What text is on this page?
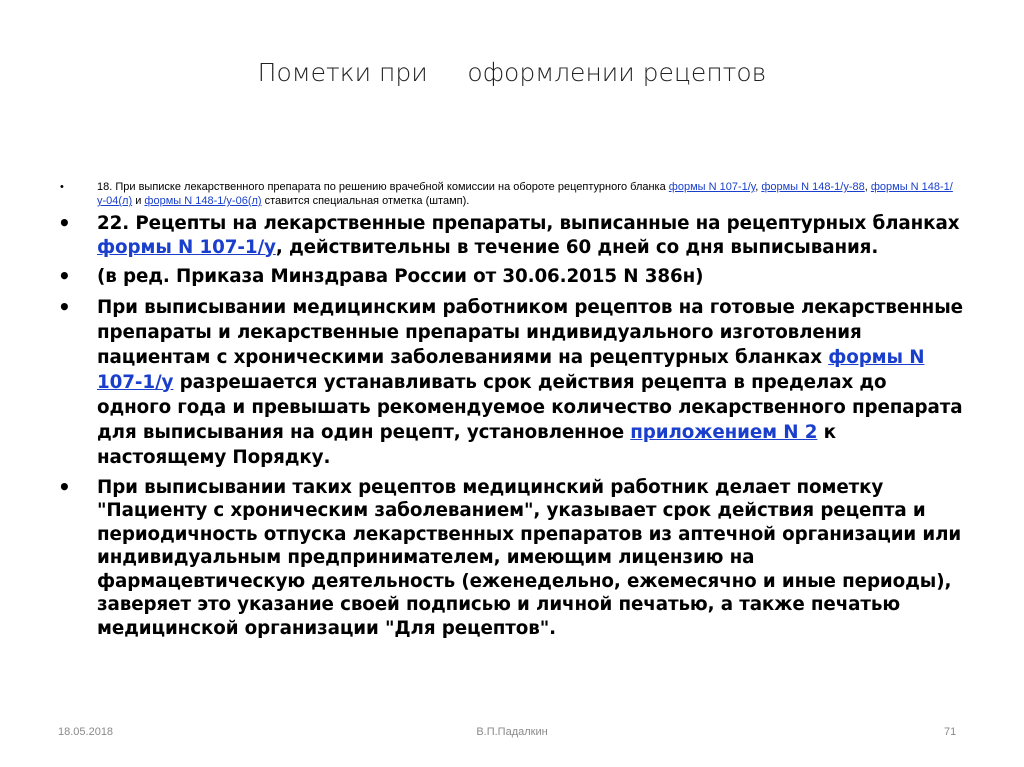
Пометки при     оформлении рецептов
•	18. При выписке лекарственного препарата по решению врачебной комиссии на обороте рецептурного бланка формы N 107-1/у, формы N 148-1/у-88, формы N 148-1/у-04(л) и формы N 148-1/у-06(л) ставится специальная отметка (штамп).
• 22. Рецепты на лекарственные препараты, выписанные на рецептурных бланках формы N 107-1/у, действительны в течение 60 дней со дня выписывания.
• (в ред. Приказа Минздрава России от 30.06.2015 N 386н)
• При выписывании медицинским работником рецептов на готовые лекарственные препараты и лекарственные препараты индивидуального изготовления пациентам с хроническими заболеваниями на рецептурных бланках формы N 107-1/у разрешается устанавливать срок действия рецепта в пределах до одного года и превышать рекомендуемое количество лекарственного препарата для выписывания на один рецепт, установленное приложением N 2 к настоящему Порядку.
• При выписывании таких рецептов медицинский работник делает пометку "Пациенту с хроническим заболеванием", указывает срок действия рецепта и периодичность отпуска лекарственных препаратов из аптечной организации или индивидуальным предпринимателем, имеющим лицензию на фармацевтическую деятельность (еженедельно, ежемесячно и иные периоды), заверяет это указание своей подписью и личной печатью, а также печатью медицинской организации "Для рецептов".
18.05.2018	В.П.Падалкин	71
